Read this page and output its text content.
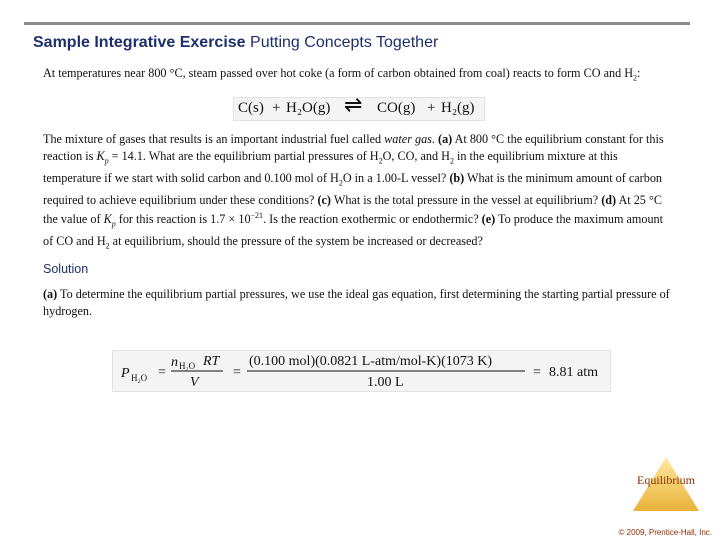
Sample Integrative Exercise Putting Concepts Together
At temperatures near 800 °C, steam passed over hot coke (a form of carbon obtained from coal) reacts to form CO and $H_2$:
C(s) + H₂O(g) ⇌ CO(g) + H₂(g)
The mixture of gases that results is an important industrial fuel called water gas. (a) At 800 °C the equilibrium constant for this reaction is $K_p = 14.1$. What are the equilibrium partial pressures of $H_2O$, CO, and $H_2$ in the equilibrium mixture at this temperature if we start with solid carbon and 0.100 mol of $H_2O$ in a 1.00-L vessel? (b) What is the minimum amount of carbon required to achieve equilibrium under these conditions? (c) What is the total pressure in the vessel at equilibrium? (d) At 25 °C the value of $K_p$ for this reaction is $1.7 \times 10^{-21}$. Is the reaction exothermic or endothermic? (e) To produce the maximum amount of CO and $H_2$ at equilibrium, should the pressure of the system be increased or decreased?
Solution
(a) To determine the equilibrium partial pressures, we use the ideal gas equation, first determining the starting partial pressure of hydrogen.
P H₂O =
n H₂O RT
V
=
(0.100 mol)(0.0821 L-atm/mol-K)(1073 K)
1.00 L
= 8.81 atm
Equilibrium
© 2009, Prentice-Hall, Inc.
